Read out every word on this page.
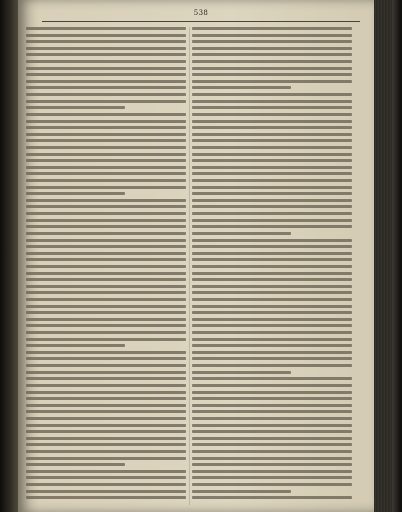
538
